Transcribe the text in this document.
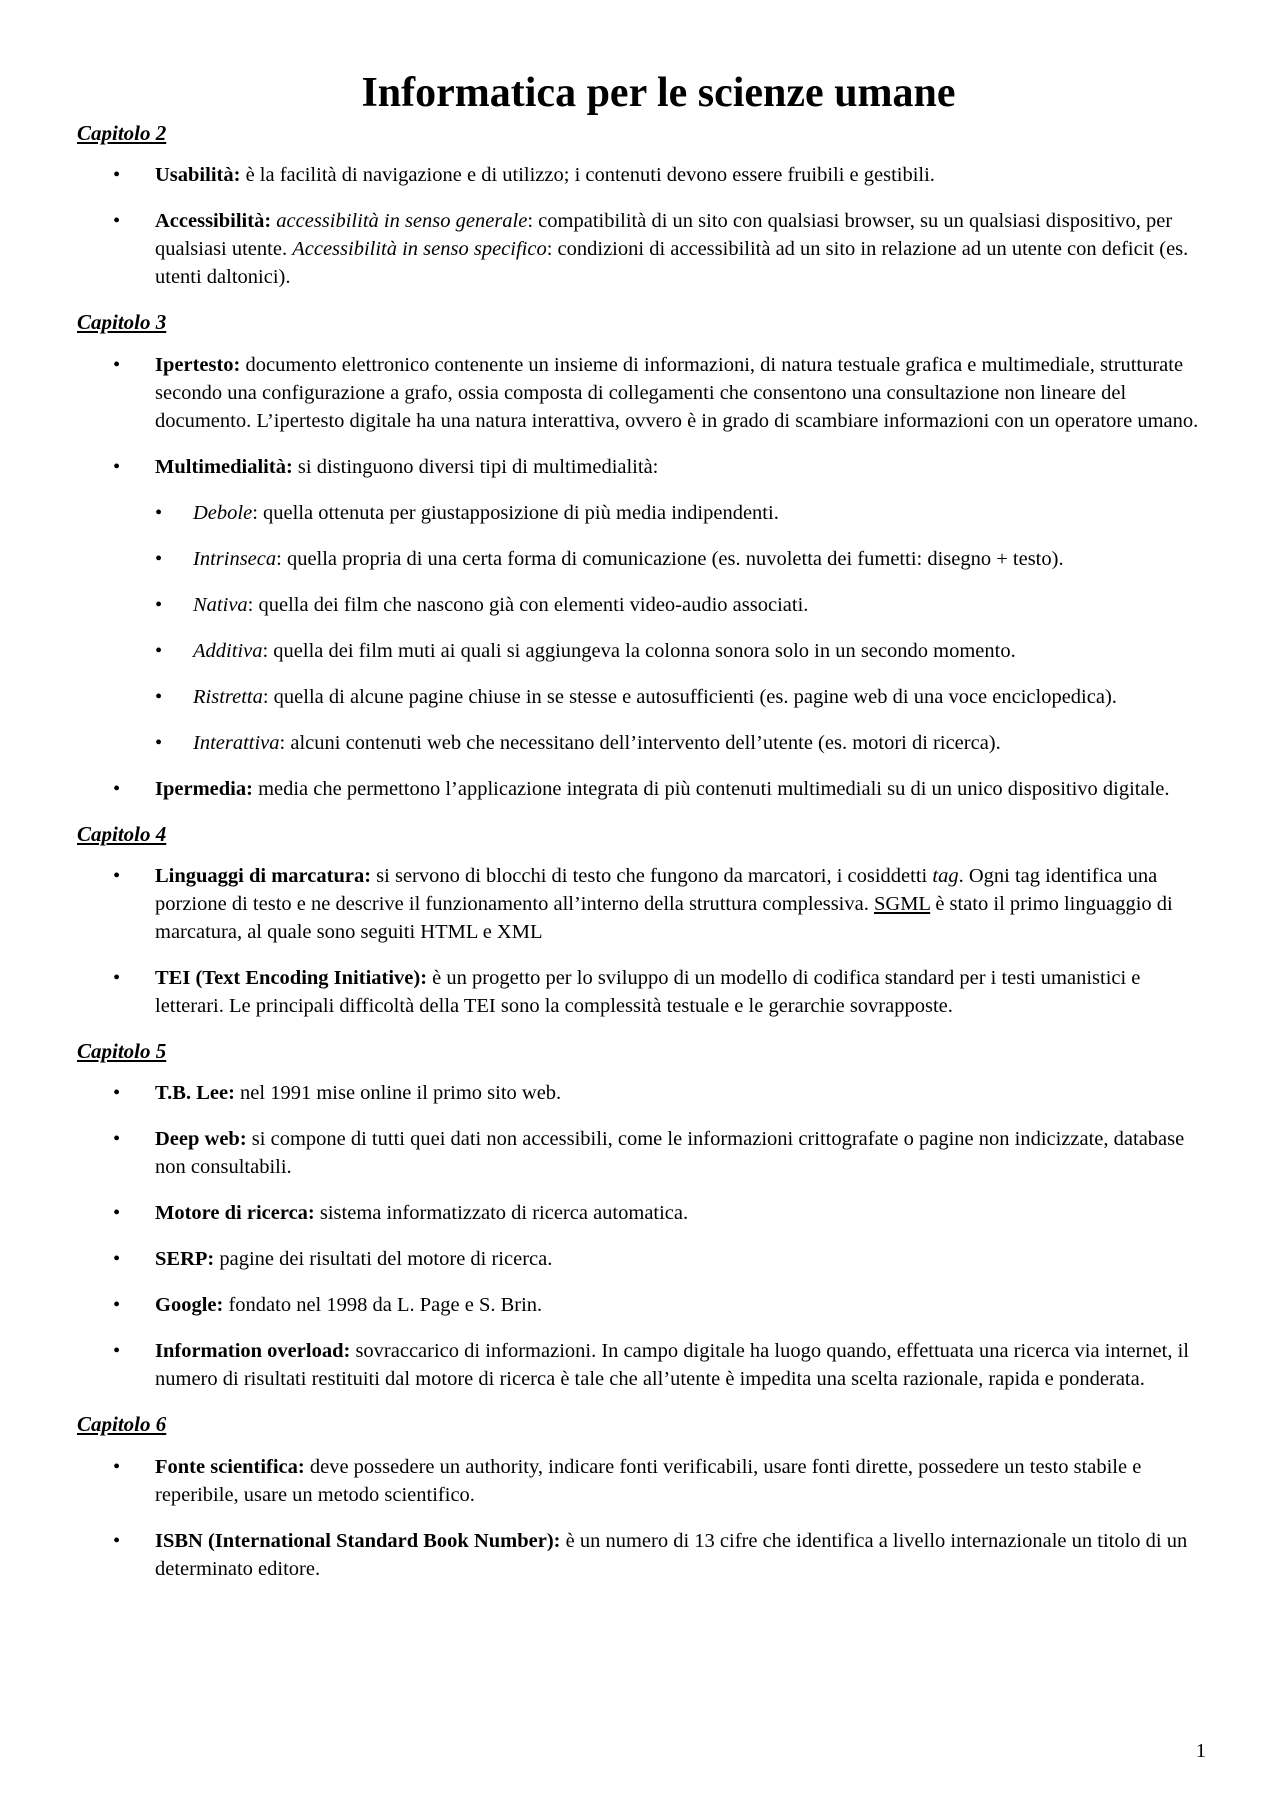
Informatica per le scienze umane
Capitolo 2
• Usabilità: è la facilità di navigazione e di utilizzo; i contenuti devono essere fruibili e gestibili.
• Accessibilità: accessibilità in senso generale: compatibilità di un sito con qualsiasi browser, su un qualsiasi dispositivo, per qualsiasi utente. Accessibilità in senso specifico: condizioni di accessibilità ad un sito in relazione ad un utente con deficit (es. utenti daltonici).
Capitolo 3
• Ipertesto: documento elettronico contenente un insieme di informazioni, di natura testuale grafica e multimediale, strutturate secondo una configurazione a grafo, ossia composta di collegamenti che consentono una consultazione non lineare del documento. L’ipertesto digitale ha una natura interattiva, ovvero è in grado di scambiare informazioni con un operatore umano.
• Multimedialità: si distinguono diversi tipi di multimedialità:
• Debole: quella ottenuta per giustapposizione di più media indipendenti.
• Intrinseca: quella propria di una certa forma di comunicazione (es. nuvoletta dei fumetti: disegno + testo).
• Nativa: quella dei film che nascono già con elementi video-audio associati.
• Additiva: quella dei film muti ai quali si aggiungeva la colonna sonora solo in un secondo momento.
• Ristretta: quella di alcune pagine chiuse in se stesse e autosufficienti (es. pagine web di una voce enciclopedica).
• Interattiva: alcuni contenuti web che necessitano dell’intervento dell’utente (es. motori di ricerca).
• Ipermedia: media che permettono l’applicazione integrata di più contenuti multimediali su di un unico dispositivo digitale.
Capitolo 4
• Linguaggi di marcatura: si servono di blocchi di testo che fungono da marcatori, i cosiddetti tag. Ogni tag identifica una porzione di testo e ne descrive il funzionamento all’interno della struttura complessiva. SGML è stato il primo linguaggio di marcatura, al quale sono seguiti HTML e XML
• TEI (Text Encoding Initiative): è un progetto per lo sviluppo di un modello di codifica standard per i testi umanistici e letterari. Le principali difficoltà della TEI sono la complessità testuale e le gerarchie sovrapposte.
Capitolo 5
• T.B. Lee: nel 1991 mise online il primo sito web.
• Deep web: si compone di tutti quei dati non accessibili, come le informazioni crittografate o pagine non indicizzate, database non consultabili.
• Motore di ricerca: sistema informatizzato di ricerca automatica.
• SERP: pagine dei risultati del motore di ricerca.
• Google: fondato nel 1998 da L. Page e S. Brin.
• Information overload: sovraccarico di informazioni. In campo digitale ha luogo quando, effettuata una ricerca via internet, il numero di risultati restituiti dal motore di ricerca è tale che all’utente è impedita una scelta razionale, rapida e ponderata.
Capitolo 6
• Fonte scientifica: deve possedere un authority, indicare fonti verificabili, usare fonti dirette, possedere un testo stabile e reperibile, usare un metodo scientifico.
• ISBN (International Standard Book Number): è un numero di 13 cifre che identifica a livello internazionale un titolo di un determinato editore.
1
